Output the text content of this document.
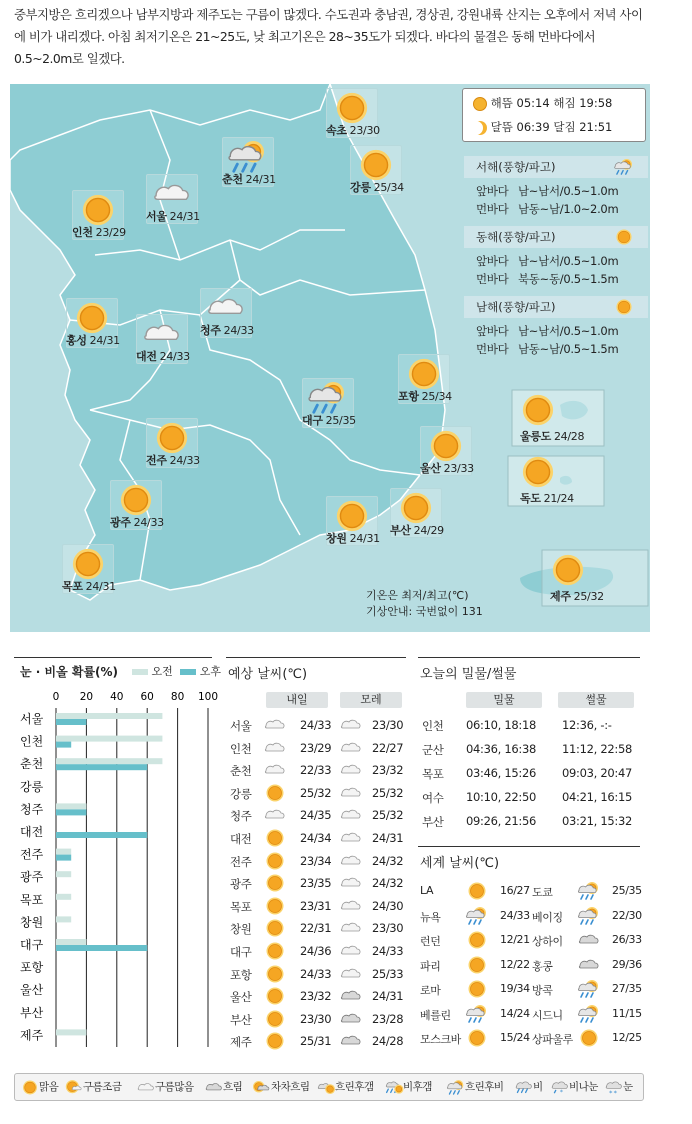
중부지방은 흐리겠으나 남부지방과 제주도는 구름이 많겠다. 수도권과 충남권, 경상권, 강원내륙 산지는 오후에서 저녁 사이에 비가 내리겠다. 아침 최저기온은 21~25도, 낮 최고기온은 28~35도가 되겠다. 바다의 물결은 동해 먼바다에서 0.5~2.0m로 일겠다.
해뜸 05:14 해짐 19:58
달뜸 06:39 달짐 21:51
속초 23/30
춘천 24/31
강릉 25/34
서울 24/31
인천 23/29
홍성 24/31
청주 24/33
대전 24/33
포항 25/34
대구 25/35
울릉도 24/28
전주 24/33
울산 23/33
독도 21/24
광주 24/33
부산 24/29
창원 24/31
목포 24/31
제주 25/32
서해(풍향/파고)
앞바다 남~남서/0.5~1.0m
먼바다 남동~남/1.0~2.0m
동해(풍향/파고)
앞바다 남~남서/0.5~1.0m
먼바다 북동~동/0.5~1.5m
남해(풍향/파고)
앞바다 남~남서/0.5~1.0m
먼바다 남동~남/0.5~1.5m
기온은 최저/최고(℃)
기상안내: 국번없이 131
눈 · 비올 확률(%)	오전 오후
0 20 40 60 80 100
서울
인천
춘천
강릉
청주
대전
전주
광주
목포
창원
대구
포항
울산
부산
제주
예상 날씨(℃)
내일	모레
서울	24/33	23/30
인천	23/29	22/27
춘천	22/33	23/32
강릉	25/32	25/32
청주	24/35	25/32
대전	24/34	24/31
전주	23/34	24/32
광주	23/35	24/32
목포	23/31	24/30
창원	22/31	23/30
대구	24/36	24/33
포항	24/33	25/33
울산	23/32	24/31
부산	23/30	23/28
제주	25/31	24/28
오늘의 밀물/썰물
밀물	썰물
인천 06:10, 18:18 12:36, -:-
군산 04:36, 16:38 11:12, 22:58
목포 03:46, 15:26 09:03, 20:47
여수 10:10, 22:50 04:21, 16:15
부산 09:26, 21:56 03:21, 15:32
세계 날씨(℃)
LA	16/27
뉴욕	24/33
런던	12/21
파리	12/22
로마	19/34
베를린	14/24
모스크바	15/24
도쿄	25/35
베이징	22/30
상하이	26/33
홍콩	29/36
방콕	27/35
시드니	11/15
상파울루	12/25
맑음	구름조금	구름많음	흐림	차차흐림	흐린후갬	비후갬	흐린후비	비 * 비나눈 * * 눈
